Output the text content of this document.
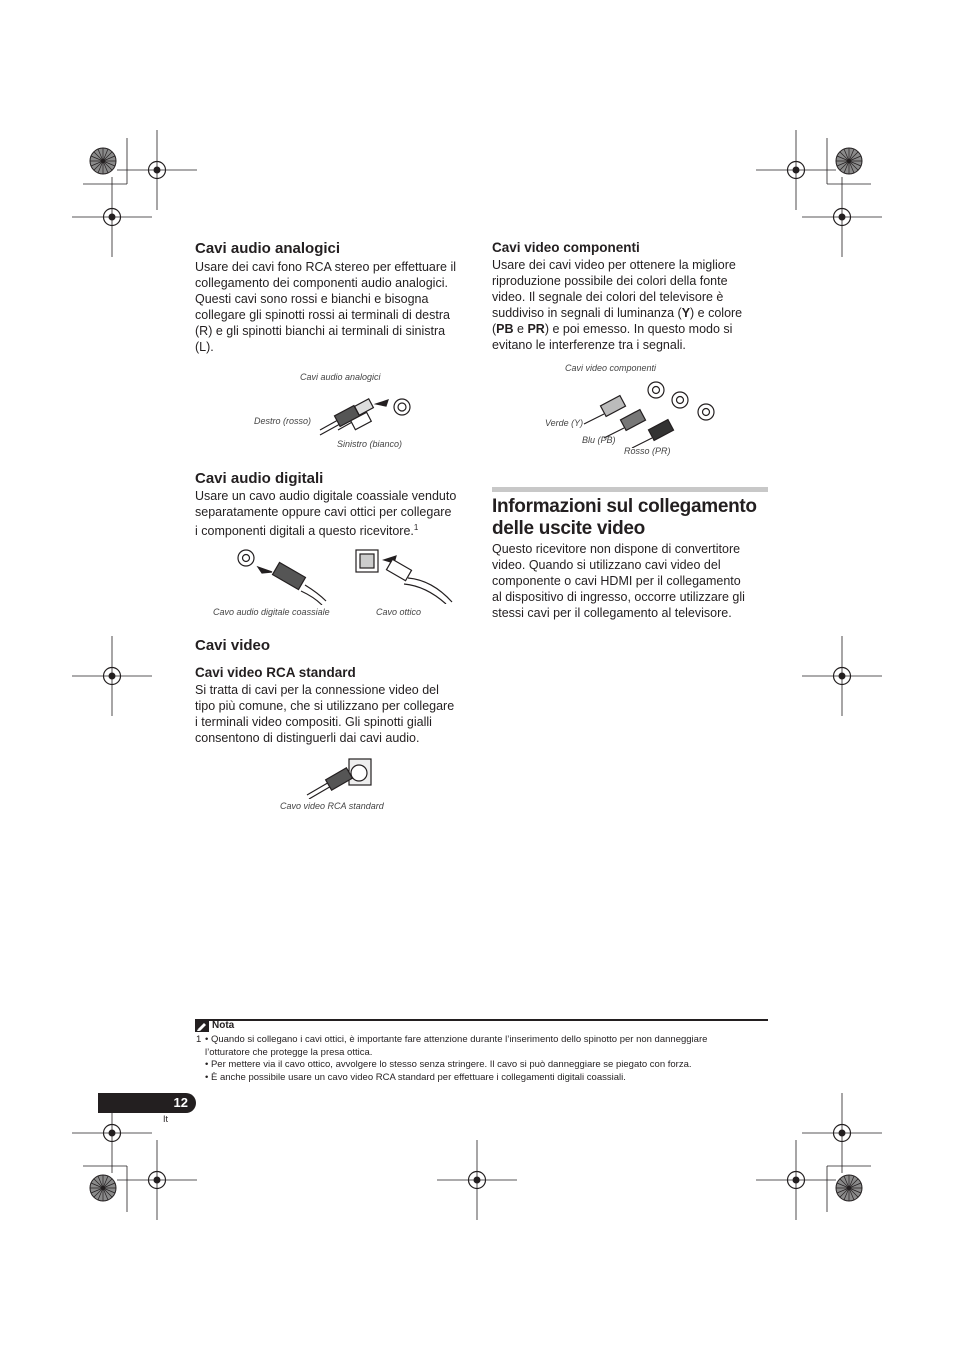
Cavi audio analogici
Usare dei cavi fono RCA stereo per effettuare il
collegamento dei componenti audio analogici.
Questi cavi sono rossi e bianchi e bisogna
collegare gli spinotti rossi ai terminali di destra
(R) e gli spinotti bianchi ai terminali di sinistra
(L).
Cavi audio analogici
Destro (rosso)
Sinistro (bianco)
Cavi audio digitali
Usare un cavo audio digitale coassiale venduto
separatamente oppure cavi ottici per collegare
i componenti digitali a questo ricevitore.$^1$
Cavo audio digitale coassiale	Cavo ottico
Cavi video
Cavi video RCA standard
Si tratta di cavi per la connessione video del
tipo più comune, che si utilizzano per collegare
i terminali video compositi. Gli spinotti gialli
consentono di distinguerli dai cavi audio.
Cavo video RCA standard
Cavi video componenti
Usare dei cavi video per ottenere la migliore
riproduzione possibile dei colori della fonte
video. Il segnale dei colori del televisore è
suddiviso in segnali di luminanza (Y) e colore
(PB e PR) e poi emesso. In questo modo si
evitano le interferenze tra i segnali.
Cavi video componenti
Verde (Y)
Blu (PB)
Rosso (PR)
Informazioni sul collegamento
delle uscite video
Questo ricevitore non dispone di convertitore
video. Quando si utilizzano cavi video del
componente o cavi HDMI per il collegamento
al dispositivo di ingresso, occorre utilizzare gli
stessi cavi per il collegamento al televisore.
Nota
1 • Quando si collegano i cavi ottici, è importante fare attenzione durante l’inserimento dello spinotto per non danneggiare
l’otturatore che protegge la presa ottica.
• Per mettere via il cavo ottico, avvolgere lo stesso senza stringere. Il cavo si può danneggiare se piegato con forza.
• È anche possibile usare un cavo video RCA standard per effettuare i collegamenti digitali coassiali.
12
It
